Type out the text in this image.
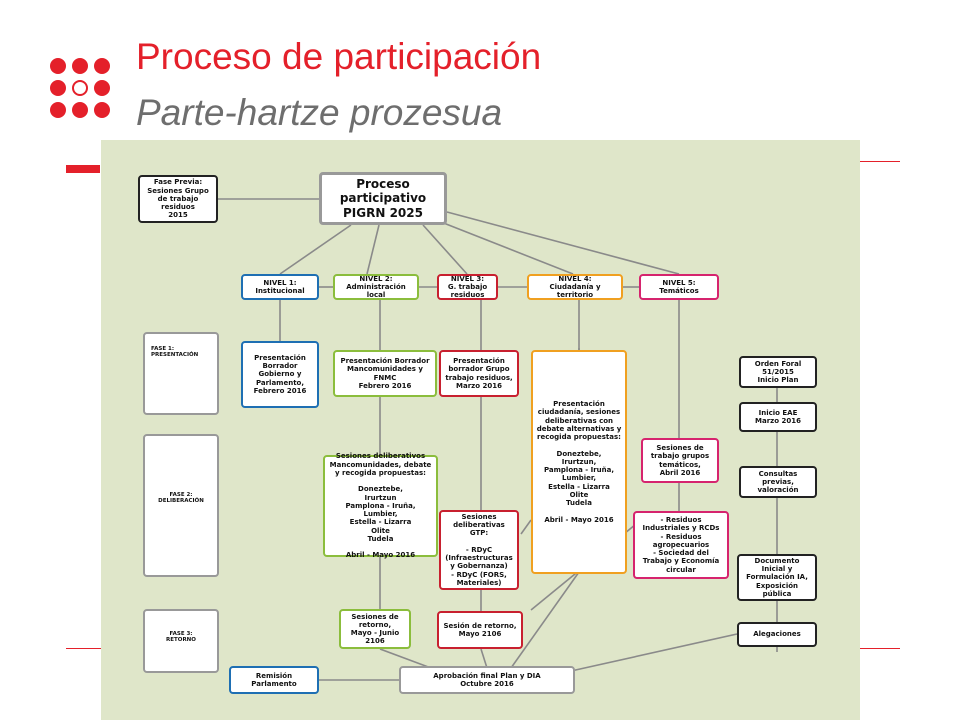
Proceso de participación
Parte-hartze prozesua
Fase Previa:
Sesiones Grupo
de trabajo
residuos
2015
Proceso
participativo
PIGRN 2025
NIVEL 1:
Institucional
NIVEL 2:
Administración local
NIVEL 3:
G. trabajo residuos
NIVEL 4:
Ciudadanía y territorio
NIVEL 5:
Temáticos
FASE 1:
PRESENTACIÓN
FASE 2:
DELIBERACIÓN
FASE 3:
RETORNO
Presentación
Borrador
Gobierno y
Parlamento,
Febrero 2016
Presentación Borrador
Mancomunidades y FNMC
Febrero 2016
Presentación
borrador Grupo
trabajo residuos,
Marzo 2016
Presentación
ciudadanía, sesiones
deliberativas con
debate alternativas y
recogida propuestas:

Doneztebe,
Irurtzun,
Pamplona - Iruña,
Lumbier,
Estella - Lizarra
Olite
Tudela

Abril - Mayo 2016
Sesiones deliberativos
Mancomunidades, debate
y recogida propuestas:

Doneztebe,
Irurtzun
Pamplona - Iruña,
Lumbier,
Estella - Lizarra
Olite
Tudela

Abril - Mayo 2016
Sesiones
deliberativas
GTP:

- RDyC
(Infraestructuras
y Gobernanza)
- RDyC (FORS,
Materiales)
Sesiones de
trabajo grupos
temáticos,
Abril 2016
- Residuos
Industriales y RCDs
- Residuos
agropecuarios
- Sociedad del
Trabajo y Economía
circular
Sesiones de
retorno,
Mayo - Junio
2106
Sesión de retorno,
Mayo 2106
Orden Foral
51/2015
Inicio Plan
Inicio EAE
Marzo 2016
Consultas
previas,
valoración
Documento
Inicial y
Formulación IA,
Exposición
pública
Alegaciones
Remisión Parlamento
Aprobación final Plan y DIA
Octubre 2016
